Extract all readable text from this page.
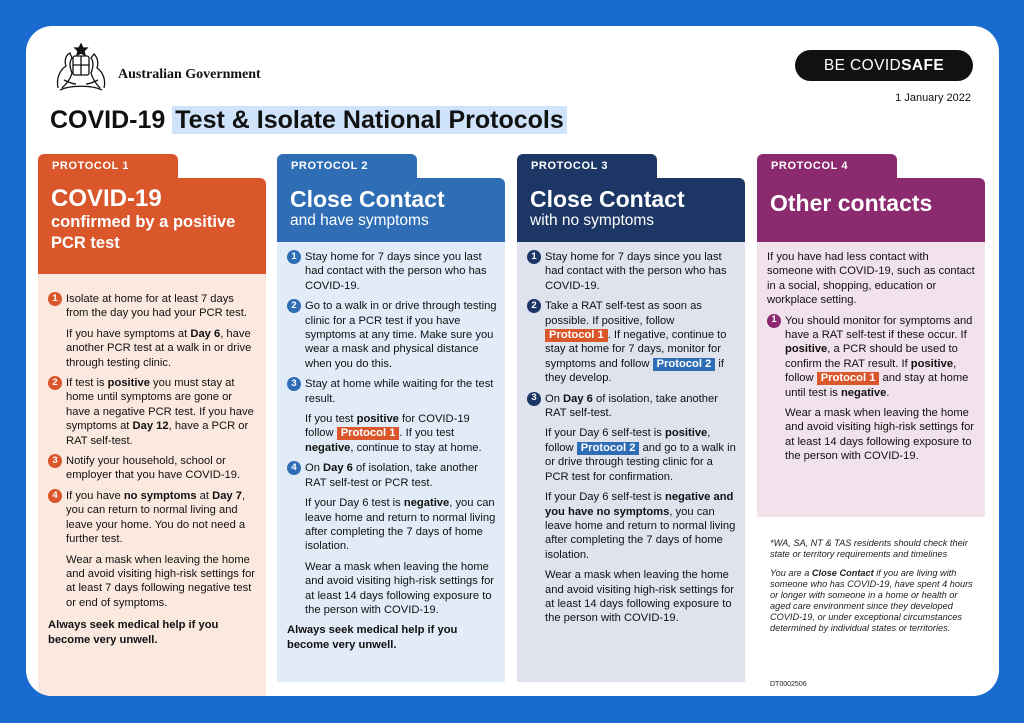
Australian Government
BE COVID SAFE
1 January 2022
COVID-19 Test & Isolate National Protocols
PROTOCOL 1
COVID-19
confirmed by a positive PCR test
1 Isolate at home for at least 7 days from the day you had your PCR test.

If you have symptoms at Day 6, have another PCR test at a walk in or drive through testing clinic.

2 If test is positive you must stay at home until symptoms are gone or have a negative PCR test. If you have symptoms at Day 12, have a PCR or RAT self-test.

3 Notify your household, school or employer that you have COVID-19.

4 If you have no symptoms at Day 7, you can return to normal living and leave your home. You do not need a further test.

Wear a mask when leaving the home and avoid visiting high-risk settings for at least 7 days following negative test or end of symptoms.

Always seek medical help if you become very unwell.

PROTOCOL 2
Close Contact
and have symptoms
1 Stay home for 7 days since you last had contact with the person who has COVID-19.

2 Go to a walk in or drive through testing clinic for a PCR test if you have symptoms at any time. Make sure you wear a mask and physical distance when you do this.

3 Stay at home while waiting for the test result.

If you test positive for COVID-19 follow Protocol 1 . If you test negative, continue to stay at home.

4 On Day 6 of isolation, take another RAT self-test or PCR test.

If your Day 6 test is negative, you can leave home and return to normal living after completing the 7 days of home isolation.

Wear a mask when leaving the home and avoid visiting high-risk settings for at least 14 days following exposure to the person with COVID-19.

Always seek medical help if you become very unwell.

PROTOCOL 3
Close Contact
with no symptoms
1 Stay home for 7 days since you last had contact with the person who has COVID-19.

2 Take a RAT self-test as soon as possible. If positive, follow Protocol 1 . If negative, continue to stay at home for 7 days, monitor for symptoms and follow Protocol 2 if they develop.

3 On Day 6 of isolation, take another RAT self-test.

If your Day 6 self-test is positive, follow Protocol 2 and go to a walk in or drive through testing clinic for a PCR test for confirmation.

If your Day 6 self-test is negative and you have no symptoms, you can leave home and return to normal living after completing the 7 days of home isolation.

Wear a mask when leaving the home and avoid visiting high-risk settings for at least 14 days following exposure to the person with COVID-19.

PROTOCOL 4
Other contacts

If you have had less contact with someone with COVID-19, such as contact in a social, shopping, education or workplace setting.

1 You should monitor for symptoms and have a RAT self-test if these occur. If positive, a PCR should be used to confirm the RAT result. If positive, follow Protocol 1 and stay at home until test is negative.

Wear a mask when leaving the home and avoid visiting high-risk settings for at least 14 days following exposure to the person with COVID-19.

*WA, SA, NT & TAS residents should check their state or territory requirements and timelines

You are a Close Contact if you are living with someone who has COVID-19, have spent 4 hours or longer with someone in a home or health or aged care environment since they developed COVID-19, or under exceptional circumstances determined by individual states or territories.

DT0002506
